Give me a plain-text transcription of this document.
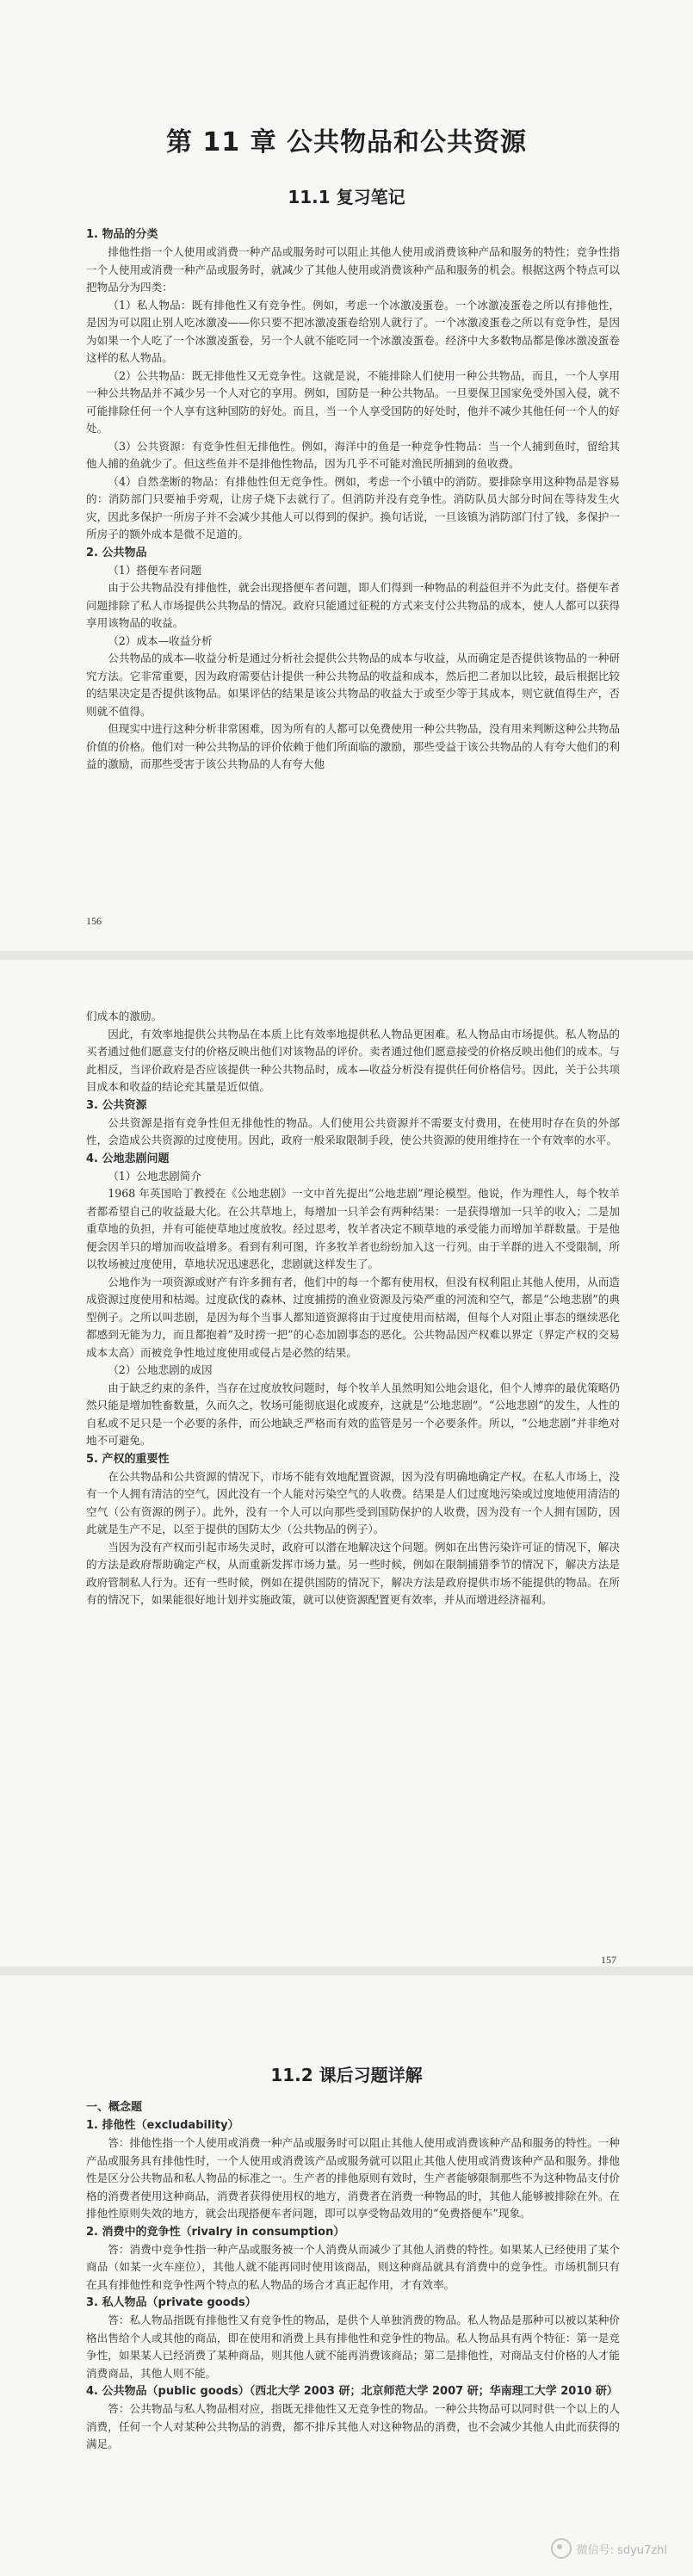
第 11 章 公共物品和公共资源
11.1 复习笔记

1. 物品的分类

排他性指一个人使用或消费一种产品或服务时可以阻止其他人使用或消费该种产品和服务的特性；竞争性指一个人使用或消费一种产品或服务时，就减少了其他人使用或消费该种产品和服务的机会。根据这两个特点可以把物品分为四类：

（1）私人物品：既有排他性又有竞争性。例如，考虑一个冰激凌蛋卷。一个冰激凌蛋卷之所以有排他性，是因为可以阻止别人吃冰激凌——你只要不把冰激凌蛋卷给别人就行了。一个冰激凌蛋卷之所以有竞争性，是因为如果一个人吃了一个冰激凌蛋卷，另一个人就不能吃同一个冰激凌蛋卷。经济中大多数物品都是像冰激凌蛋卷这样的私人物品。

（2）公共物品：既无排他性又无竞争性。这就是说，不能排除人们使用一种公共物品，而且，一个人享用一种公共物品并不减少另一个人对它的享用。例如，国防是一种公共物品。一旦要保卫国家免受外国入侵，就不可能排除任何一个人享有这种国防的好处。而且，当一个人享受国防的好处时，他并不减少其他任何一个人的好处。

（3）公共资源：有竞争性但无排他性。例如，海洋中的鱼是一种竞争性物品：当一个人捕到鱼时，留给其他人捕的鱼就少了。但这些鱼并不是排他性物品，因为几乎不可能对渔民所捕到的鱼收费。

（4）自然垄断的物品：有排他性但无竞争性。例如，考虑一个小镇中的消防。要排除享用这种物品是容易的：消防部门只要袖手旁观，让房子烧下去就行了。但消防并没有竞争性。消防队员大部分时间在等待发生火灾，因此多保护一所房子并不会减少其他人可以得到的保护。换句话说，一旦该镇为消防部门付了钱，多保护一所房子的额外成本是微不足道的。

2. 公共物品

（1）搭便车者问题

由于公共物品没有排他性，就会出现搭便车者问题，即人们得到一种物品的利益但并不为此支付。搭便车者问题排除了私人市场提供公共物品的情况。政府只能通过征税的方式来支付公共物品的成本，使人人都可以获得享用该物品的收益。

（2）成本—收益分析

公共物品的成本—收益分析是通过分析社会提供公共物品的成本与收益，从而确定是否提供该物品的一种研究方法。它非常重要，因为政府需要估计提供一种公共物品的收益和成本，然后把二者加以比较，最后根据比较的结果决定是否提供该物品。如果评估的结果是该公共物品的收益大于或至少等于其成本，则它就值得生产，否则就不值得。

但现实中进行这种分析非常困难，因为所有的人都可以免费使用一种公共物品，没有用来判断这种公共物品价值的价格。他们对一种公共物品的评价依赖于他们所面临的激励，那些受益于该公共物品的人有夸大他们的利益的激励，而那些受害于该公共物品的人有夸大他

156

们成本的激励。

因此，有效率地提供公共物品在本质上比有效率地提供私人物品更困难。私人物品由市场提供。私人物品的买者通过他们愿意支付的价格反映出他们对该物品的评价。卖者通过他们愿意接受的价格反映出他们的成本。与此相反，当评价政府是否应该提供一种公共物品时，成本—收益分析没有提供任何价格信号。因此，关于公共项目成本和收益的结论充其量是近似值。

3. 公共资源

公共资源是指有竞争性但无排他性的物品。人们使用公共资源并不需要支付费用，在使用时存在负的外部性，会造成公共资源的过度使用。因此，政府一般采取限制手段，使公共资源的使用维持在一个有效率的水平。

4. 公地悲剧问题

（1）公地悲剧简介

1968 年英国哈丁教授在《公地悲剧》一文中首先提出“公地悲剧”理论模型。他说，作为理性人，每个牧羊者都希望自己的收益最大化。在公共草地上，每增加一只羊会有两种结果：一是获得增加一只羊的收入；二是加重草地的负担，并有可能使草地过度放牧。经过思考，牧羊者决定不顾草地的承受能力而增加羊群数量。于是他便会因羊只的增加而收益增多。看到有利可图，许多牧羊者也纷纷加入这一行列。由于羊群的进入不受限制，所以牧场被过度使用，草地状况迅速恶化，悲剧就这样发生了。

公地作为一项资源或财产有许多拥有者，他们中的每一个都有使用权，但没有权利阻止其他人使用，从而造成资源过度使用和枯竭。过度砍伐的森林、过度捕捞的渔业资源及污染严重的河流和空气，都是“公地悲剧”的典型例子。之所以叫悲剧，是因为每个当事人都知道资源将由于过度使用而枯竭，但每个人对阻止事态的继续恶化都感到无能为力，而且都抱着“及时捞一把”的心态加剧事态的恶化。公共物品因产权难以界定（界定产权的交易成本太高）而被竞争性地过度使用或侵占是必然的结果。

（2）公地悲剧的成因

由于缺乏约束的条件，当存在过度放牧问题时，每个牧羊人虽然明知公地会退化，但个人博弈的最优策略仍然只能是增加牲畜数量，久而久之，牧场可能彻底退化或废弃，这就是“公地悲剧”。“公地悲剧”的发生，人性的自私或不足只是一个必要的条件，而公地缺乏严格而有效的监管是另一个必要条件。所以，“公地悲剧”并非绝对地不可避免。

5. 产权的重要性

在公共物品和公共资源的情况下，市场不能有效地配置资源，因为没有明确地确定产权。在私人市场上，没有一个人拥有清洁的空气，因此没有一个人能对污染空气的人收费。结果是人们过度地污染或过度地使用清洁的空气（公有资源的例子）。此外，没有一个人可以向那些受到国防保护的人收费，因为没有一个人拥有国防，因此就是生产不足，以至于提供的国防太少（公共物品的例子）。

当因为没有产权而引起市场失灵时，政府可以潜在地解决这个问题。例如在出售污染许可证的情况下，解决的方法是政府帮助确定产权，从而重新发挥市场力量。另一些时候，例如在限制捕猎季节的情况下，解决方法是政府管制私人行为。还有一些时候，例如在提供国防的情况下，解决方法是政府提供市场不能提供的物品。在所有的情况下，如果能很好地计划并实施政策，就可以使资源配置更有效率，并从而增进经济福利。

157
11.2 课后习题详解

一、概念题

1. 排他性（excludability）

答：排他性指一个人使用或消费一种产品或服务时可以阻止其他人使用或消费该种产品和服务的特性。一种产品或服务具有排他性时，一个人使用或消费该产品或服务就可以阻止其他人使用或消费该种产品和服务。排他性是区分公共物品和私人物品的标准之一。生产者的排他原则有效时，生产者能够限制那些不为这种物品支付价格的消费者使用这种商品，消费者获得使用权的地方，消费者在消费一种物品的时，其他人能够被排除在外。在排他性原则失效的地方，就会出现搭便车者问题，即可以享受物品效用的“免费搭便车”现象。

2. 消费中的竞争性（rivalry in consumption）

答：消费中竞争性指一种产品或服务被一个人消费从而减少了其他人消费的特性。如果某人已经使用了某个商品（如某一火车座位），其他人就不能再同时使用该商品，则这种商品就具有消费中的竞争性。市场机制只有在具有排他性和竞争性两个特点的私人物品的场合才真正起作用，才有效率。

3. 私人物品（private goods）

答：私人物品指既有排他性又有竞争性的物品，是供个人单独消费的物品。私人物品是那种可以被以某种价格出售给个人或其他的商品，即在使用和消费上具有排他性和竞争性的物品。私人物品具有两个特征：第一是竞争性，如果某人已经消费了某种商品，则其他人就不能再消费该商品；第二是排他性，对商品支付价格的人才能消费商品，其他人则不能。

4. 公共物品（public goods）（西北大学 2003 研；北京师范大学 2007 研；华南理工大学 2010 研）

答：公共物品与私人物品相对应，指既无排他性又无竞争性的物品。一种公共物品可以同时供一个以上的人消费，任何一个人对某种公共物品的消费，都不排斥其他人对这种物品的消费，也不会减少其他人由此而获得的满足。

微信号: sdyu7zhl
